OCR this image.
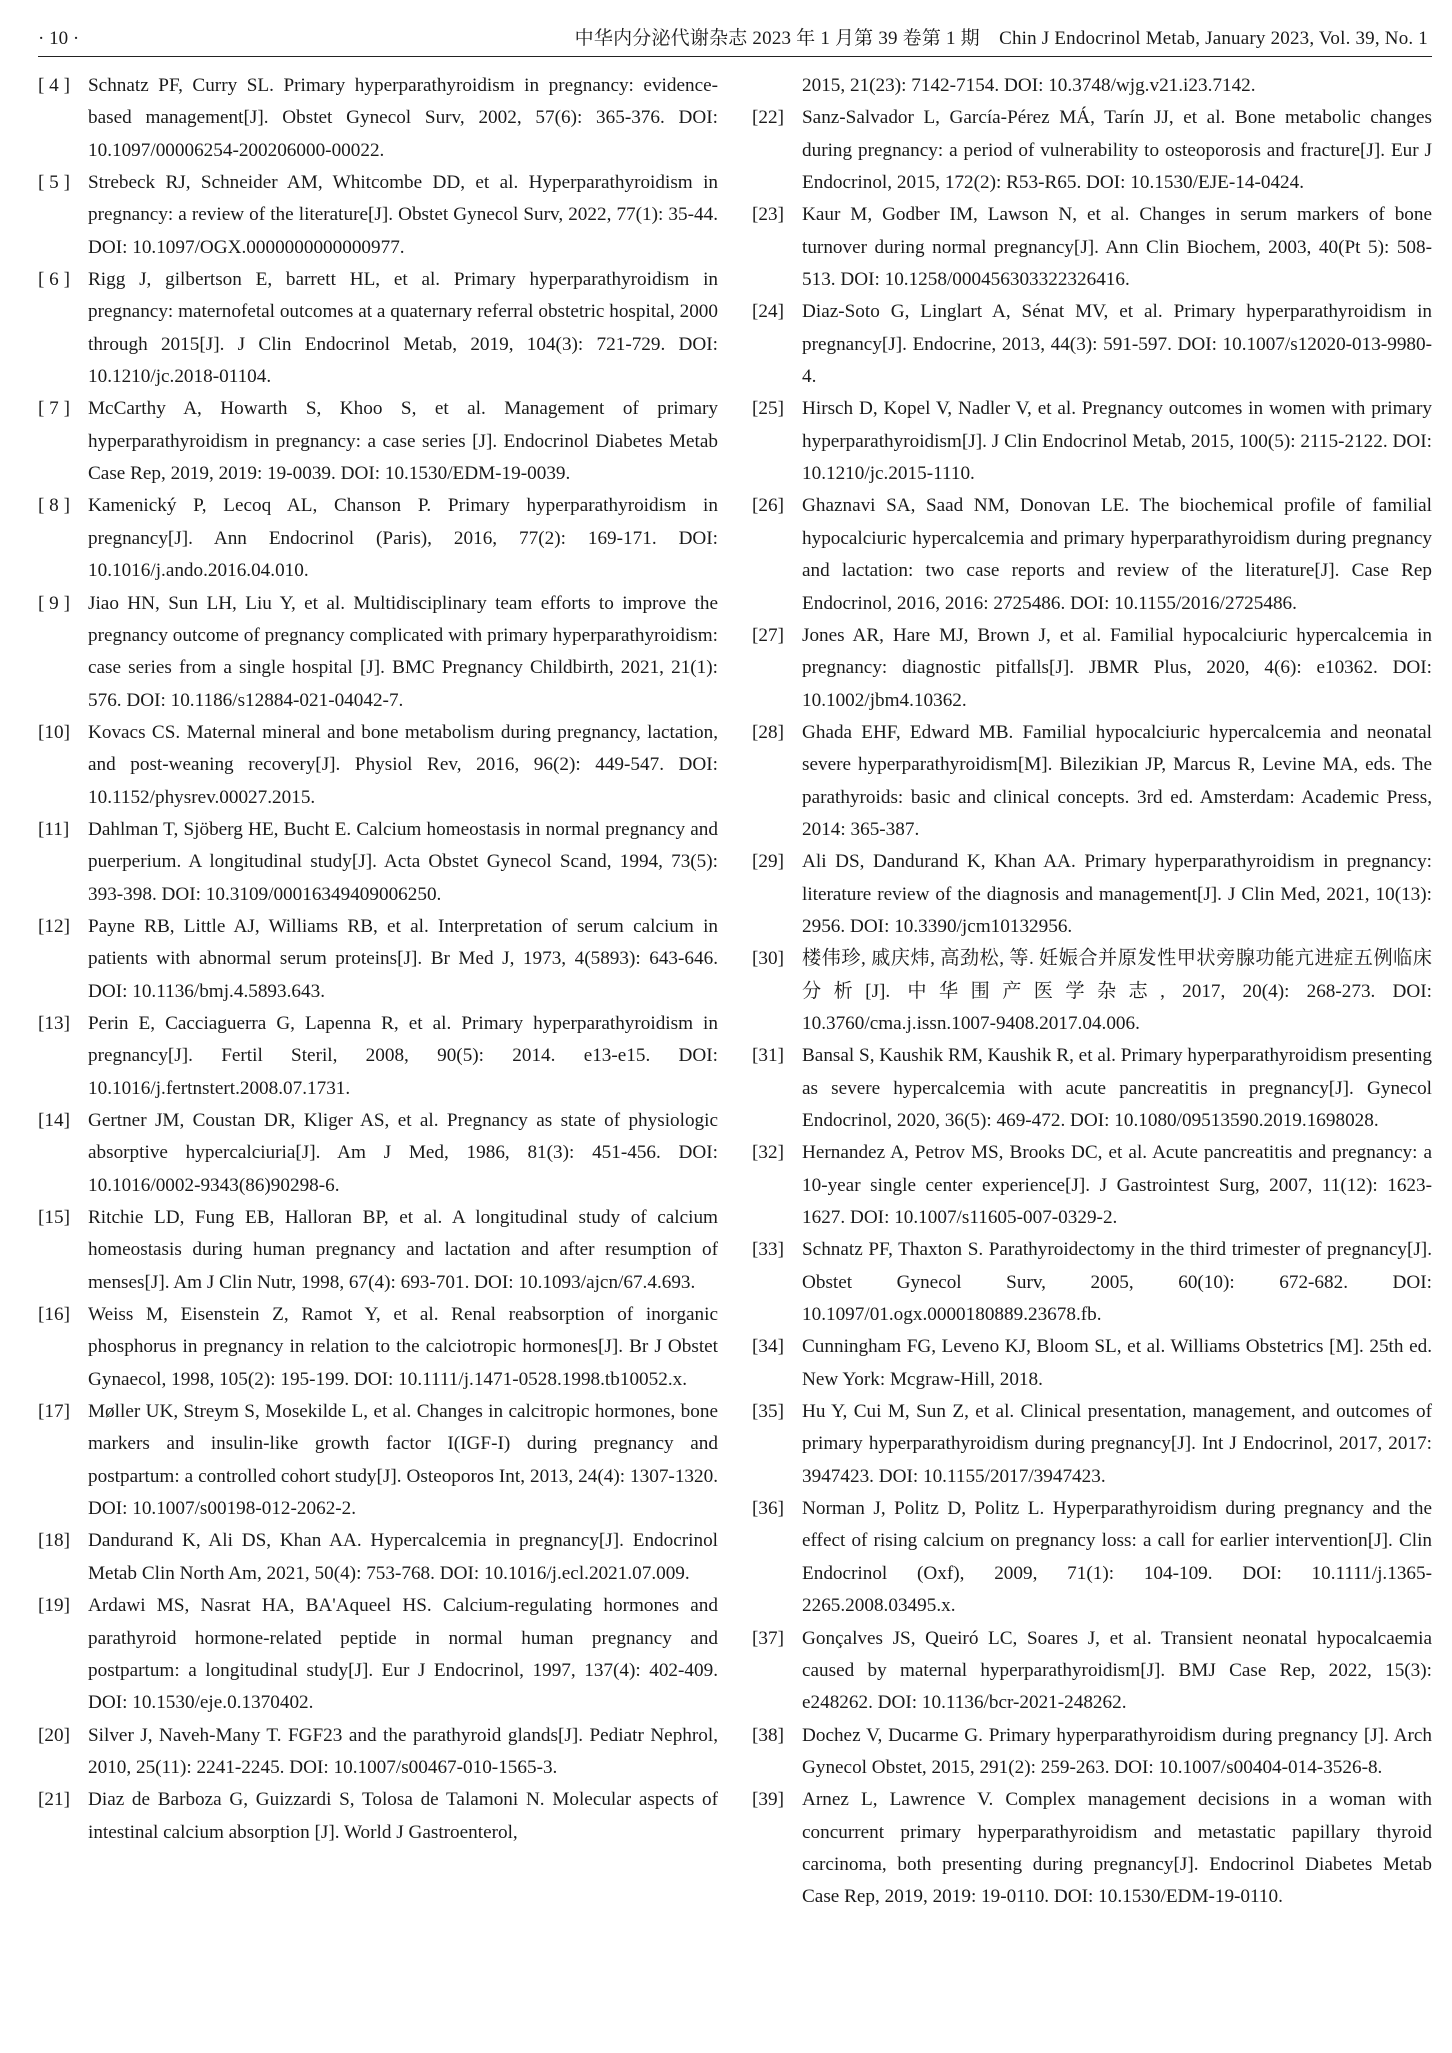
· 10 ·	中华内分泌代谢杂志 2023 年 1 月第 39 卷第 1 期　Chin J Endocrinol Metab, January 2023, Vol. 39, No. 1
[ 4 ] Schnatz PF, Curry SL. Primary hyperparathyroidism in pregnancy: evidence-based management[J]. Obstet Gynecol Surv, 2002, 57(6): 365-376. DOI: 10.1097/00006254-200206000-00022.
[ 5 ] Strebeck RJ, Schneider AM, Whitcombe DD, et al. Hyperparathyroidism in pregnancy: a review of the literature[J]. Obstet Gynecol Surv, 2022, 77(1): 35-44. DOI: 10.1097/OGX.0000000000000977.
[ 6 ] Rigg J, gilbertson E, barrett HL, et al. Primary hyperparathyroidism in pregnancy: maternofetal outcomes at a quaternary referral obstetric hospital, 2000 through 2015[J]. J Clin Endocrinol Metab, 2019, 104(3): 721-729. DOI: 10.1210/jc.2018-01104.
[ 7 ] McCarthy A, Howarth S, Khoo S, et al. Management of primary hyperparathyroidism in pregnancy: a case series [J]. Endocrinol Diabetes Metab Case Rep, 2019, 2019: 19-0039. DOI: 10.1530/EDM-19-0039.
[ 8 ] Kamenický P, Lecoq AL, Chanson P. Primary hyperparathyroidism in pregnancy[J]. Ann Endocrinol (Paris), 2016, 77(2): 169-171. DOI: 10.1016/j.ando.2016.04.010.
[ 9 ] Jiao HN, Sun LH, Liu Y, et al. Multidisciplinary team efforts to improve the pregnancy outcome of pregnancy complicated with primary hyperparathyroidism: case series from a single hospital [J]. BMC Pregnancy Childbirth, 2021, 21(1): 576. DOI: 10.1186/s12884-021-04042-7.
[10] Kovacs CS. Maternal mineral and bone metabolism during pregnancy, lactation, and post-weaning recovery[J]. Physiol Rev, 2016, 96(2): 449-547. DOI: 10.1152/physrev.00027.2015.
[11] Dahlman T, Sjöberg HE, Bucht E. Calcium homeostasis in normal pregnancy and puerperium. A longitudinal study[J]. Acta Obstet Gynecol Scand, 1994, 73(5): 393-398. DOI: 10.3109/00016349409006250.
[12] Payne RB, Little AJ, Williams RB, et al. Interpretation of serum calcium in patients with abnormal serum proteins[J]. Br Med J, 1973, 4(5893): 643-646. DOI: 10.1136/bmj.4.5893.643.
[13] Perin E, Cacciaguerra G, Lapenna R, et al. Primary hyperparathyroidism in pregnancy[J]. Fertil Steril, 2008, 90(5): 2014. e13-e15. DOI: 10.1016/j.fertnstert.2008.07.1731.
[14] Gertner JM, Coustan DR, Kliger AS, et al. Pregnancy as state of physiologic absorptive hypercalciuria[J]. Am J Med, 1986, 81(3): 451-456. DOI: 10.1016/0002-9343(86)90298-6.
[15] Ritchie LD, Fung EB, Halloran BP, et al. A longitudinal study of calcium homeostasis during human pregnancy and lactation and after resumption of menses[J]. Am J Clin Nutr, 1998, 67(4): 693-701. DOI: 10.1093/ajcn/67.4.693.
[16] Weiss M, Eisenstein Z, Ramot Y, et al. Renal reabsorption of inorganic phosphorus in pregnancy in relation to the calciotropic hormones[J]. Br J Obstet Gynaecol, 1998, 105(2): 195-199. DOI: 10.1111/j.1471-0528.1998.tb10052.x.
[17] Møller UK, Streym S, Mosekilde L, et al. Changes in calcitropic hormones, bone markers and insulin-like growth factor I(IGF-I) during pregnancy and postpartum: a controlled cohort study[J]. Osteoporos Int, 2013, 24(4): 1307-1320. DOI: 10.1007/s00198-012-2062-2.
[18] Dandurand K, Ali DS, Khan AA. Hypercalcemia in pregnancy[J]. Endocrinol Metab Clin North Am, 2021, 50(4): 753-768. DOI: 10.1016/j.ecl.2021.07.009.
[19] Ardawi MS, Nasrat HA, BA'Aqueel HS. Calcium-regulating hormones and parathyroid hormone-related peptide in normal human pregnancy and postpartum: a longitudinal study[J]. Eur J Endocrinol, 1997, 137(4): 402-409. DOI: 10.1530/eje.0.1370402.
[20] Silver J, Naveh-Many T. FGF23 and the parathyroid glands[J]. Pediatr Nephrol, 2010, 25(11): 2241-2245. DOI: 10.1007/s00467-010-1565-3.
[21] Diaz de Barboza G, Guizzardi S, Tolosa de Talamoni N. Molecular aspects of intestinal calcium absorption [J]. World J Gastroenterol,
2015, 21(23): 7142-7154. DOI: 10.3748/wjg.v21.i23.7142.
[22] Sanz-Salvador L, García-Pérez MÁ, Tarín JJ, et al. Bone metabolic changes during pregnancy: a period of vulnerability to osteoporosis and fracture[J]. Eur J Endocrinol, 2015, 172(2): R53-R65. DOI: 10.1530/EJE-14-0424.
[23] Kaur M, Godber IM, Lawson N, et al. Changes in serum markers of bone turnover during normal pregnancy[J]. Ann Clin Biochem, 2003, 40(Pt 5): 508-513. DOI: 10.1258/000456303322326416.
[24] Diaz-Soto G, Linglart A, Sénat MV, et al. Primary hyperparathyroidism in pregnancy[J]. Endocrine, 2013, 44(3): 591-597. DOI: 10.1007/s12020-013-9980-4.
[25] Hirsch D, Kopel V, Nadler V, et al. Pregnancy outcomes in women with primary hyperparathyroidism[J]. J Clin Endocrinol Metab, 2015, 100(5): 2115-2122. DOI: 10.1210/jc.2015-1110.
[26] Ghaznavi SA, Saad NM, Donovan LE. The biochemical profile of familial hypocalciuric hypercalcemia and primary hyperparathyroidism during pregnancy and lactation: two case reports and review of the literature[J]. Case Rep Endocrinol, 2016, 2016: 2725486. DOI: 10.1155/2016/2725486.
[27] Jones AR, Hare MJ, Brown J, et al. Familial hypocalciuric hypercalcemia in pregnancy: diagnostic pitfalls[J]. JBMR Plus, 2020, 4(6): e10362. DOI: 10.1002/jbm4.10362.
[28] Ghada EHF, Edward MB. Familial hypocalciuric hypercalcemia and neonatal severe hyperparathyroidism[M]. Bilezikian JP, Marcus R, Levine MA, eds. The parathyroids: basic and clinical concepts. 3rd ed. Amsterdam: Academic Press, 2014: 365-387.
[29] Ali DS, Dandurand K, Khan AA. Primary hyperparathyroidism in pregnancy: literature review of the diagnosis and management[J]. J Clin Med, 2021, 10(13): 2956. DOI: 10.3390/jcm10132956.
[30] 楼伟珍, 戚庆炜, 高劲松, 等. 妊娠合并原发性甲状旁腺功能亢进症五例临床分析[J]. 中华围产医学杂志, 2017, 20(4): 268-273. DOI: 10.3760/cma.j.issn.1007-9408.2017.04.006.
[31] Bansal S, Kaushik RM, Kaushik R, et al. Primary hyperparathyroidism presenting as severe hypercalcemia with acute pancreatitis in pregnancy[J]. Gynecol Endocrinol, 2020, 36(5): 469-472. DOI: 10.1080/09513590.2019.1698028.
[32] Hernandez A, Petrov MS, Brooks DC, et al. Acute pancreatitis and pregnancy: a 10-year single center experience[J]. J Gastrointest Surg, 2007, 11(12): 1623-1627. DOI: 10.1007/s11605-007-0329-2.
[33] Schnatz PF, Thaxton S. Parathyroidectomy in the third trimester of pregnancy[J]. Obstet Gynecol Surv, 2005, 60(10): 672-682. DOI: 10.1097/01.ogx.0000180889.23678.fb.
[34] Cunningham FG, Leveno KJ, Bloom SL, et al. Williams Obstetrics [M]. 25th ed. New York: Mcgraw-Hill, 2018.
[35] Hu Y, Cui M, Sun Z, et al. Clinical presentation, management, and outcomes of primary hyperparathyroidism during pregnancy[J]. Int J Endocrinol, 2017, 2017: 3947423. DOI: 10.1155/2017/3947423.
[36] Norman J, Politz D, Politz L. Hyperparathyroidism during pregnancy and the effect of rising calcium on pregnancy loss: a call for earlier intervention[J]. Clin Endocrinol (Oxf), 2009, 71(1): 104-109. DOI: 10.1111/j.1365-2265.2008.03495.x.
[37] Gonçalves JS, Queiró LC, Soares J, et al. Transient neonatal hypocalcaemia caused by maternal hyperparathyroidism[J]. BMJ Case Rep, 2022, 15(3): e248262. DOI: 10.1136/bcr-2021-248262.
[38] Dochez V, Ducarme G. Primary hyperparathyroidism during pregnancy [J]. Arch Gynecol Obstet, 2015, 291(2): 259-263. DOI: 10.1007/s00404-014-3526-8.
[39] Arnez L, Lawrence V. Complex management decisions in a woman with concurrent primary hyperparathyroidism and metastatic papillary thyroid carcinoma, both presenting during pregnancy[J]. Endocrinol Diabetes Metab Case Rep, 2019, 2019: 19-0110. DOI: 10.1530/EDM-19-0110.
